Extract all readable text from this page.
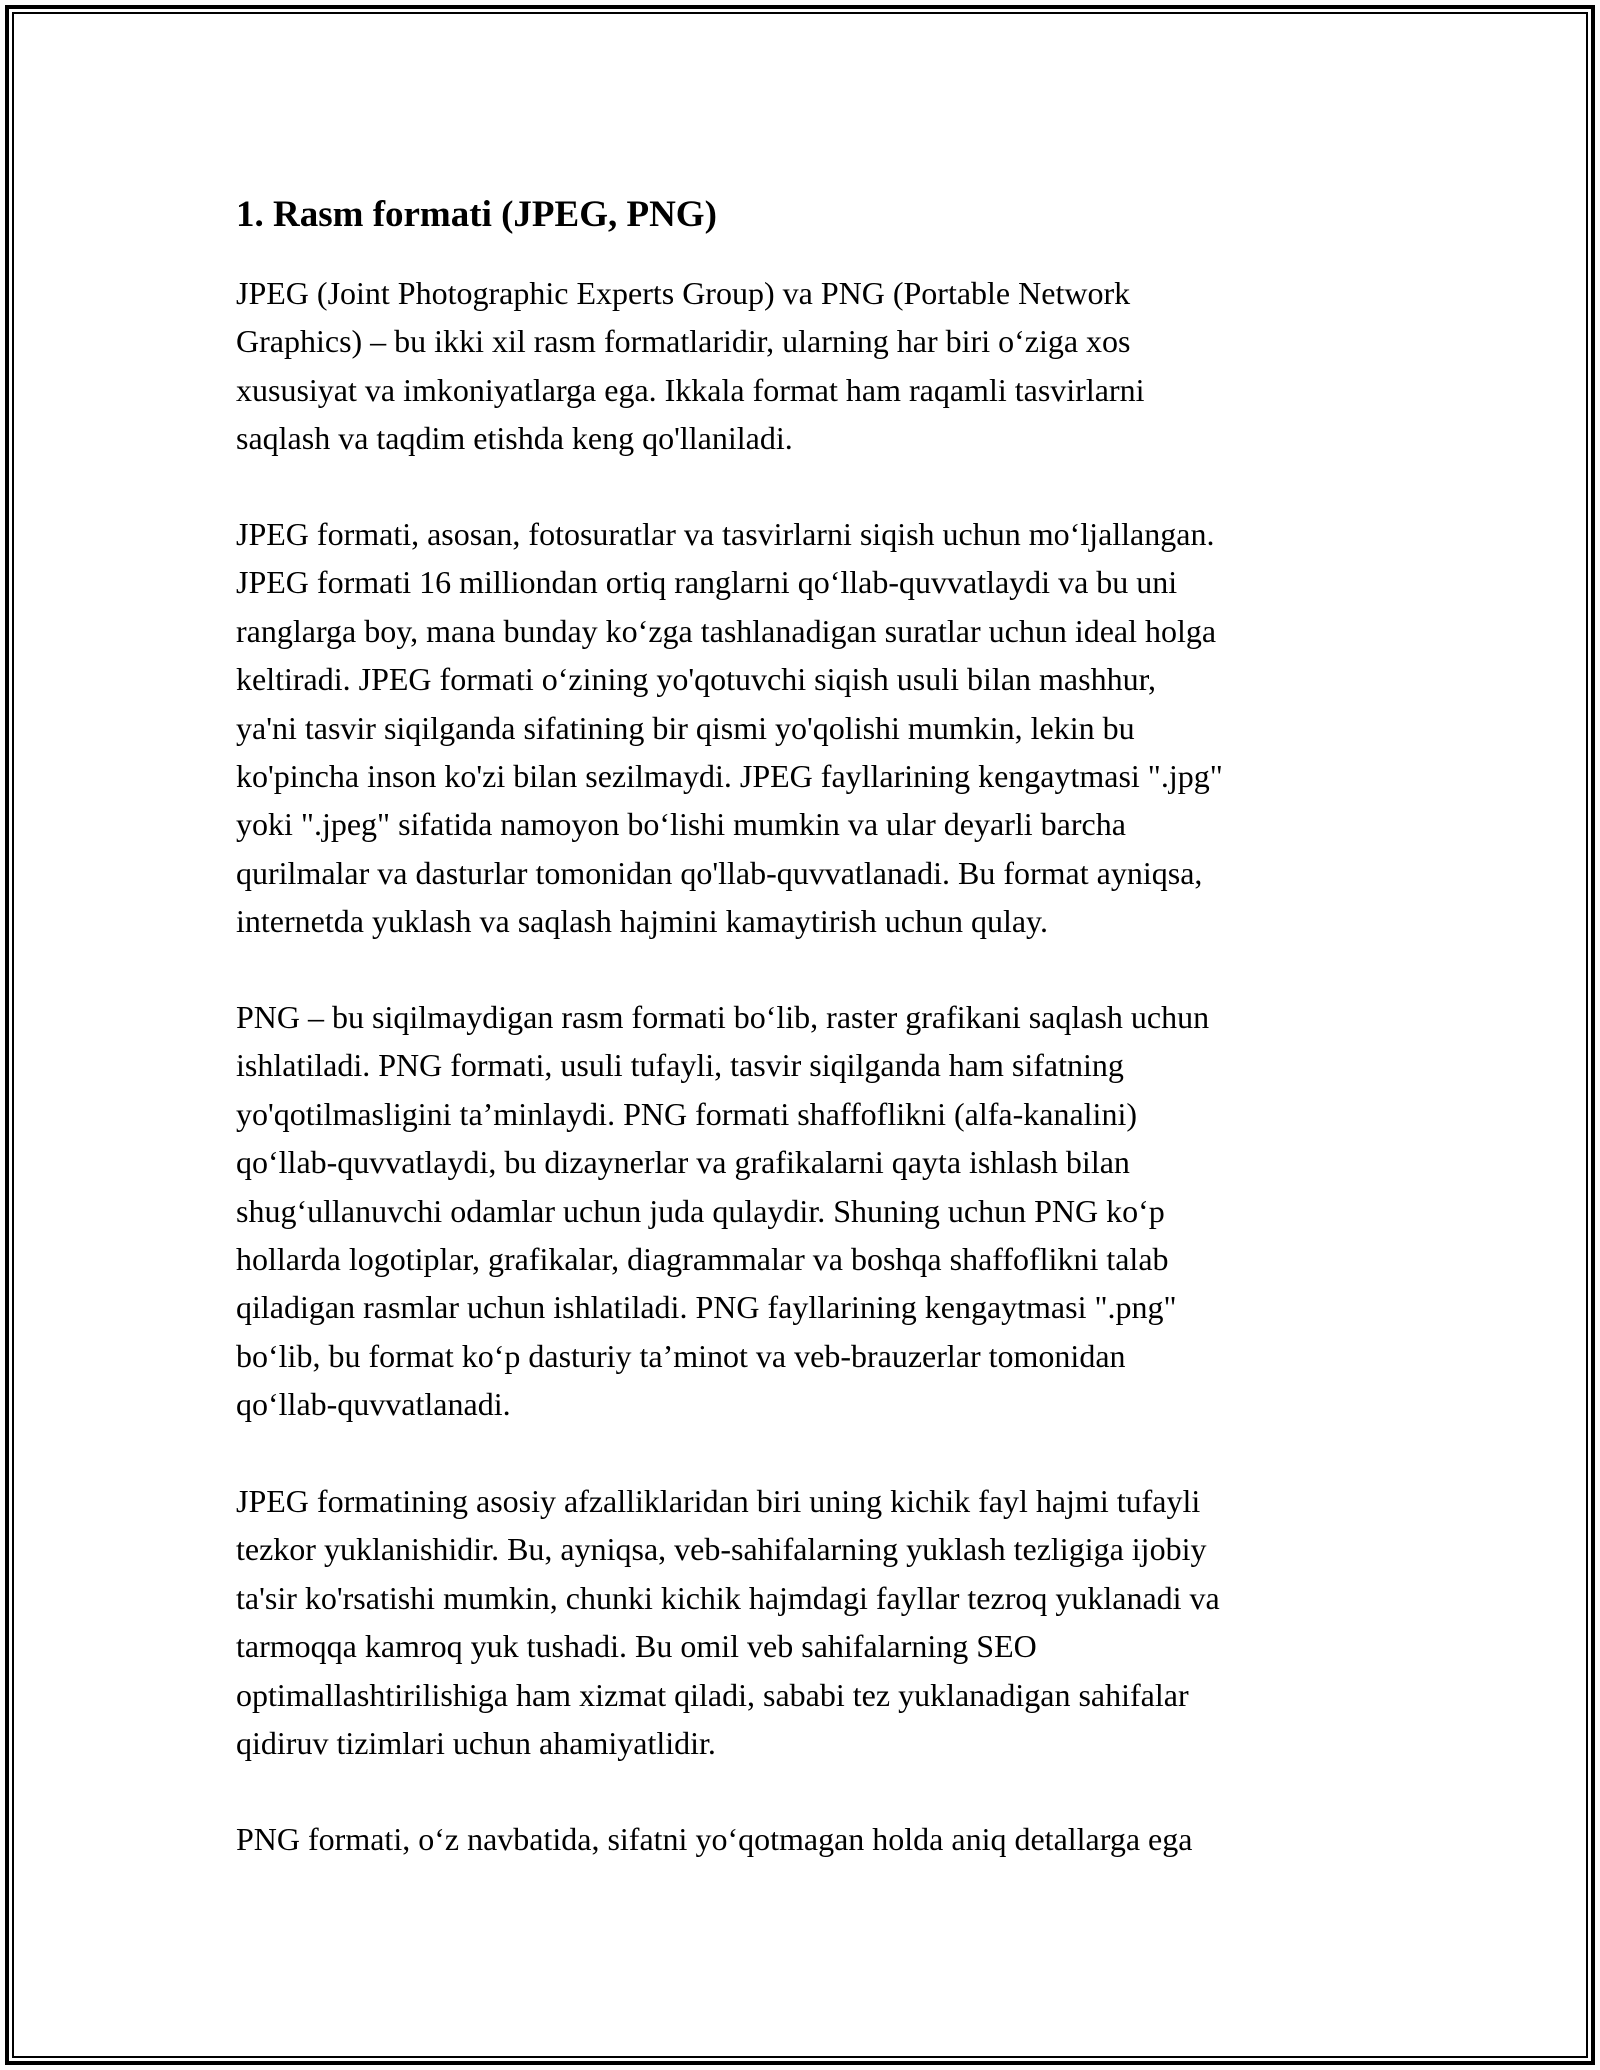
1. Rasm formati (JPEG, PNG)

JPEG (Joint Photographic Experts Group) va PNG (Portable Network
Graphics) – bu ikki xil rasm formatlaridir, ularning har biri o‘ziga xos
xususiyat va imkoniyatlarga ega. Ikkala format ham raqamli tasvirlarni
saqlash va taqdim etishda keng qo'llaniladi.

JPEG formati, asosan, fotosuratlar va tasvirlarni siqish uchun mo‘ljallangan.
JPEG formati 16 milliondan ortiq ranglarni qo‘llab-quvvatlaydi va bu uni
ranglarga boy, mana bunday ko‘zga tashlanadigan suratlar uchun ideal holga
keltiradi. JPEG formati o‘zining yo'qotuvchi siqish usuli bilan mashhur,
ya'ni tasvir siqilganda sifatining bir qismi yo'qolishi mumkin, lekin bu
ko'pincha inson ko'zi bilan sezilmaydi. JPEG fayllarining kengaytmasi ".jpg"
yoki ".jpeg" sifatida namoyon bo‘lishi mumkin va ular deyarli barcha
qurilmalar va dasturlar tomonidan qo'llab-quvvatlanadi. Bu format ayniqsa,
internetda yuklash va saqlash hajmini kamaytirish uchun qulay.

PNG – bu siqilmaydigan rasm formati bo‘lib, raster grafikani saqlash uchun
ishlatiladi. PNG formati, usuli tufayli, tasvir siqilganda ham sifatning
yo'qotilmasligini ta’minlaydi. PNG formati shaffoflikni (alfa-kanalini)
qo‘llab-quvvatlaydi, bu dizaynerlar va grafikalarni qayta ishlash bilan
shug‘ullanuvchi odamlar uchun juda qulaydir. Shuning uchun PNG ko‘p
hollarda logotiplar, grafikalar, diagrammalar va boshqa shaffoflikni talab
qiladigan rasmlar uchun ishlatiladi. PNG fayllarining kengaytmasi ".png"
bo‘lib, bu format ko‘p dasturiy ta’minot va veb-brauzerlar tomonidan
qo‘llab-quvvatlanadi.

JPEG formatining asosiy afzalliklaridan biri uning kichik fayl hajmi tufayli
tezkor yuklanishidir. Bu, ayniqsa, veb-sahifalarning yuklash tezligiga ijobiy
ta'sir ko'rsatishi mumkin, chunki kichik hajmdagi fayllar tezroq yuklanadi va
tarmoqqa kamroq yuk tushadi. Bu omil veb sahifalarning SEO
optimallashtirilishiga ham xizmat qiladi, sababi tez yuklanadigan sahifalar
qidiruv tizimlari uchun ahamiyatlidir.

PNG formati, o‘z navbatida, sifatni yo‘qotmagan holda aniq detallarga ega
